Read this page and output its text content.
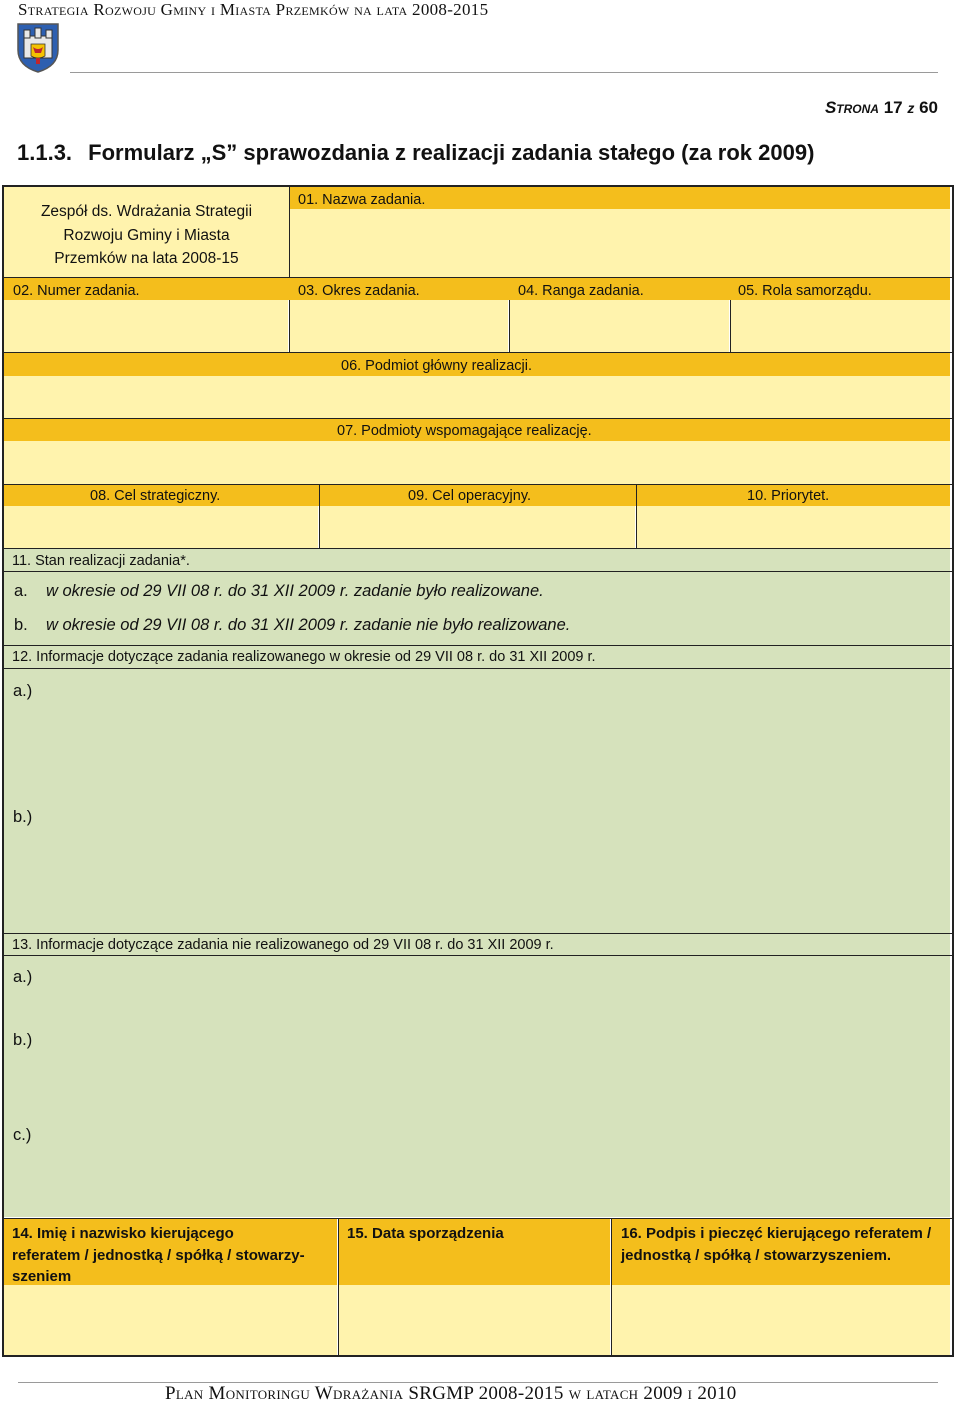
Strategia Rozwoju Gminy i Miasta Przemków na lata 2008-2015
Strona 17 z 60
1.1.3. Formularz „S” sprawozdania z realizacji zadania stałego (za rok 2009)
Zespół ds. Wdrażania Strategii
Rozwoju Gminy i Miasta
Przemków na lata 2008-15
01. Nazwa zadania.
02. Numer zadania.	03. Okres zadania.	04. Ranga zadania.	05. Rola samorządu.
06. Podmiot główny realizacji.
07. Podmioty wspomagające realizację.
08. Cel strategiczny.	09. Cel operacyjny.	10. Priorytet.
11. Stan realizacji zadania*.
a. w okresie od 29 VII 08 r. do 31 XII 2009 r. zadanie było realizowane.
b. w okresie od 29 VII 08 r. do 31 XII 2009 r. zadanie nie było realizowane.
12. Informacje dotyczące zadania realizowanego w okresie od 29 VII 08 r. do 31 XII 2009 r.
a.)
b.)
13. Informacje dotyczące zadania nie realizowanego od 29 VII 08 r. do 31 XII 2009 r.
a.)
b.)
c.)
14. Imię i nazwisko kierującego
referatem / jednostką / spółką / stowarzy-
szeniem
15. Data sporządzenia	16. Podpis i pieczęć kierującego referatem /
jednostką / spółką / stowarzyszeniem.
Plan Monitoringu Wdrażania SRGMP 2008-2015 w latach 2009 i 2010
